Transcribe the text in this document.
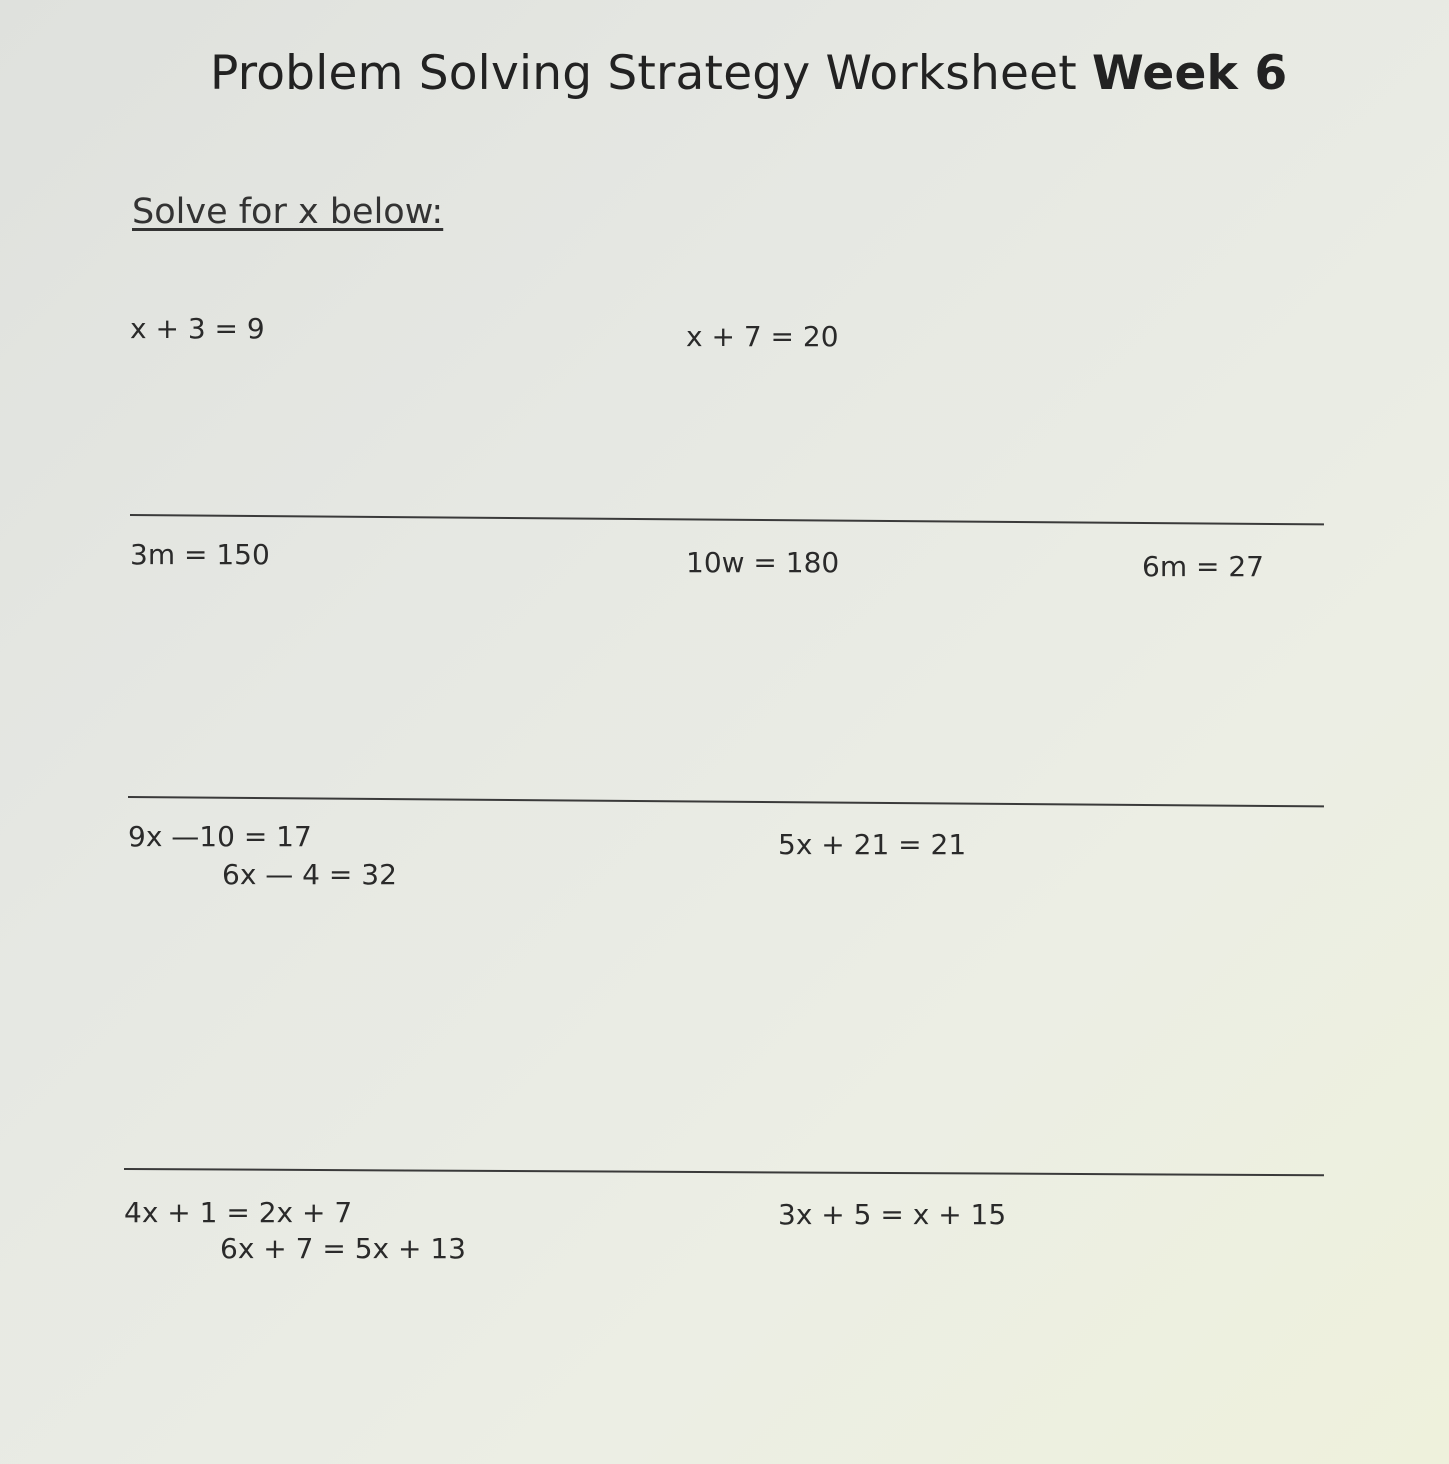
Problem Solving Strategy Worksheet Week 6
Solve for x below:
x + 3 = 9	x + 7 = 20
3m = 150	10w = 180	6m = 27
9x —10 = 17
6x — 4 = 32
5x + 21 = 21
4x + 1 = 2x + 7
6x + 7 = 5x + 13
3x + 5 = x + 15
